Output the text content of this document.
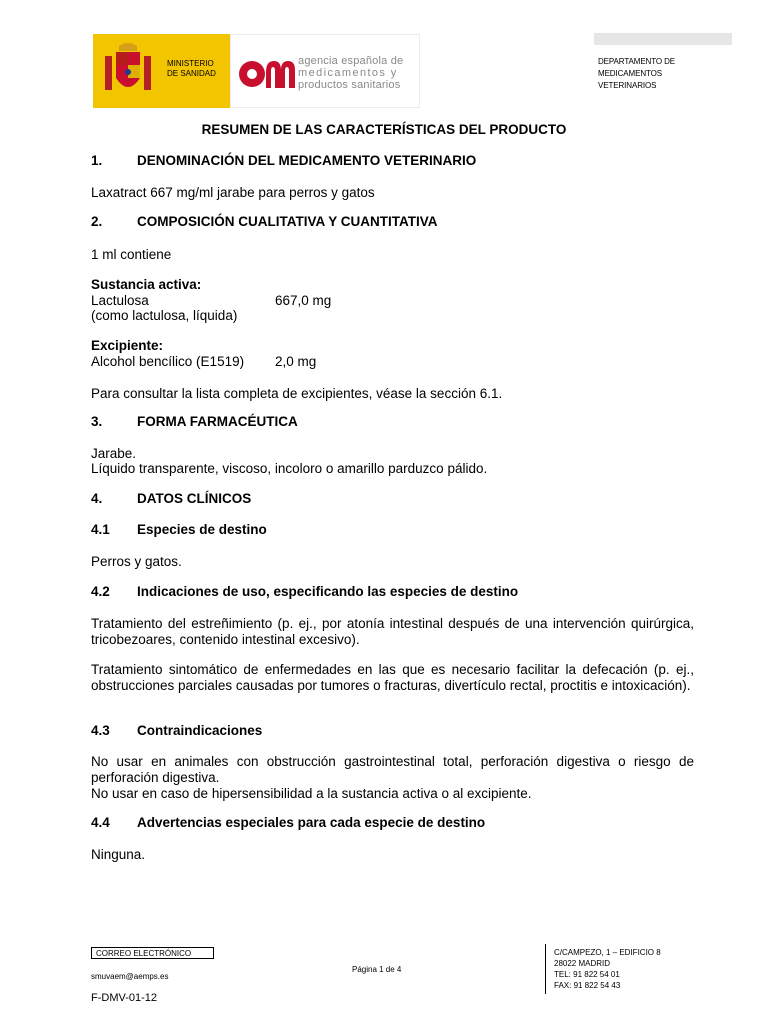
MINISTERIO
DE SANIDAD
agencia española de
medicamentos y
productos sanitarios
DEPARTAMENTO DE
MEDICAMENTOS
VETERINARIOS
RESUMEN DE LAS CARACTERÍSTICAS DEL PRODUCTO
1.	DENOMINACIÓN DEL MEDICAMENTO VETERINARIO
Laxatract 667 mg/ml jarabe para perros y gatos
2.	COMPOSICIÓN CUALITATIVA Y CUANTITATIVA
1 ml contiene
Sustancia activa:
Lactulosa	667,0 mg
(como lactulosa, líquida)
Excipiente:
Alcohol bencílico (E1519) 2,0 mg
Para consultar la lista completa de excipientes, véase la sección 6.1.
3.	FORMA FARMACÉUTICA
Jarabe.
Líquido transparente, viscoso, incoloro o amarillo parduzco pálido.
4.	DATOS CLÍNICOS
4.1 Especies de destino
Perros y gatos.
4.2 Indicaciones de uso, especificando las especies de destino
Tratamiento del estreñimiento (p. ej., por atonía intestinal después de una intervención quirúrgica, tricobezoares, contenido intestinal excesivo).
Tratamiento sintomático de enfermedades en las que es necesario facilitar la defecación (p. ej., obstrucciones parciales causadas por tumores o fracturas, divertículo rectal, proctitis e intoxicación).
4.3 Contraindicaciones
No usar en animales con obstrucción gastrointestinal total, perforación digestiva o riesgo de perforación digestiva.
No usar en caso de hipersensibilidad a la sustancia activa o al excipiente.
4.4 Advertencias especiales para cada especie de destino
Ninguna.
CORREO ELECTRÓNICO
smuvaem@aemps.es
F-DMV-01-12
Página 1 de 4
C/CAMPEZO, 1 – EDIFICIO 8
28022 MADRID
TEL: 91 822 54 01
FAX: 91 822 54 43
